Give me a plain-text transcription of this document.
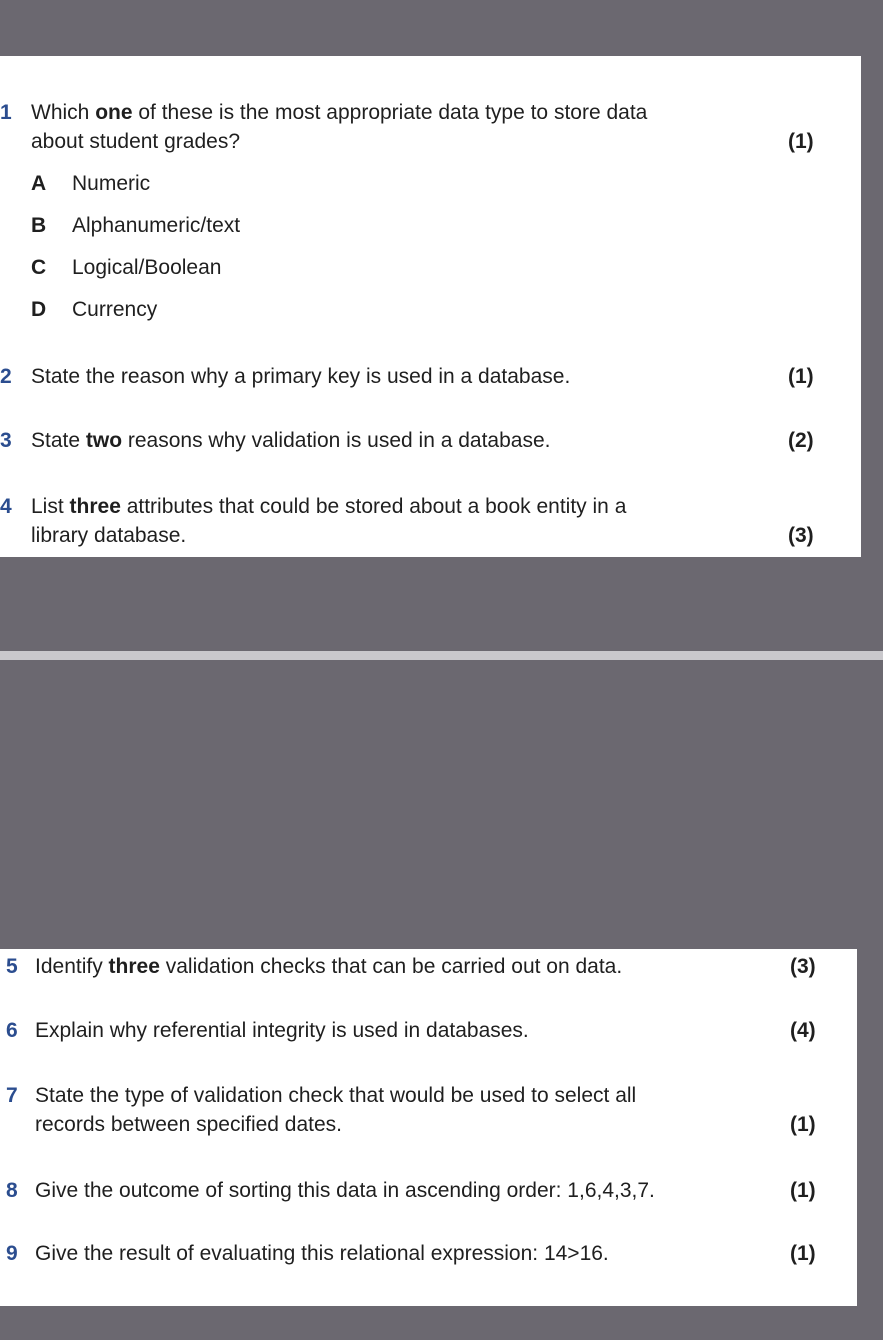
1 Which one of these is the most appropriate data type to store data
about student grades?	(1)
A Numeric
B Alphanumeric/text
C Logical/Boolean
D Currency
2 State the reason why a primary key is used in a database.	(1)
3 State two reasons why validation is used in a database.	(2)
4 List three attributes that could be stored about a book entity in a
library database.	(3)
5 Identify three validation checks that can be carried out on data.	(3)
6 Explain why referential integrity is used in databases.	(4)
7 State the type of validation check that would be used to select all
records between specified dates.	(1)
8 Give the outcome of sorting this data in ascending order: 1,6,4,3,7.	(1)
9 Give the result of evaluating this relational expression: 14>16.	(1)
